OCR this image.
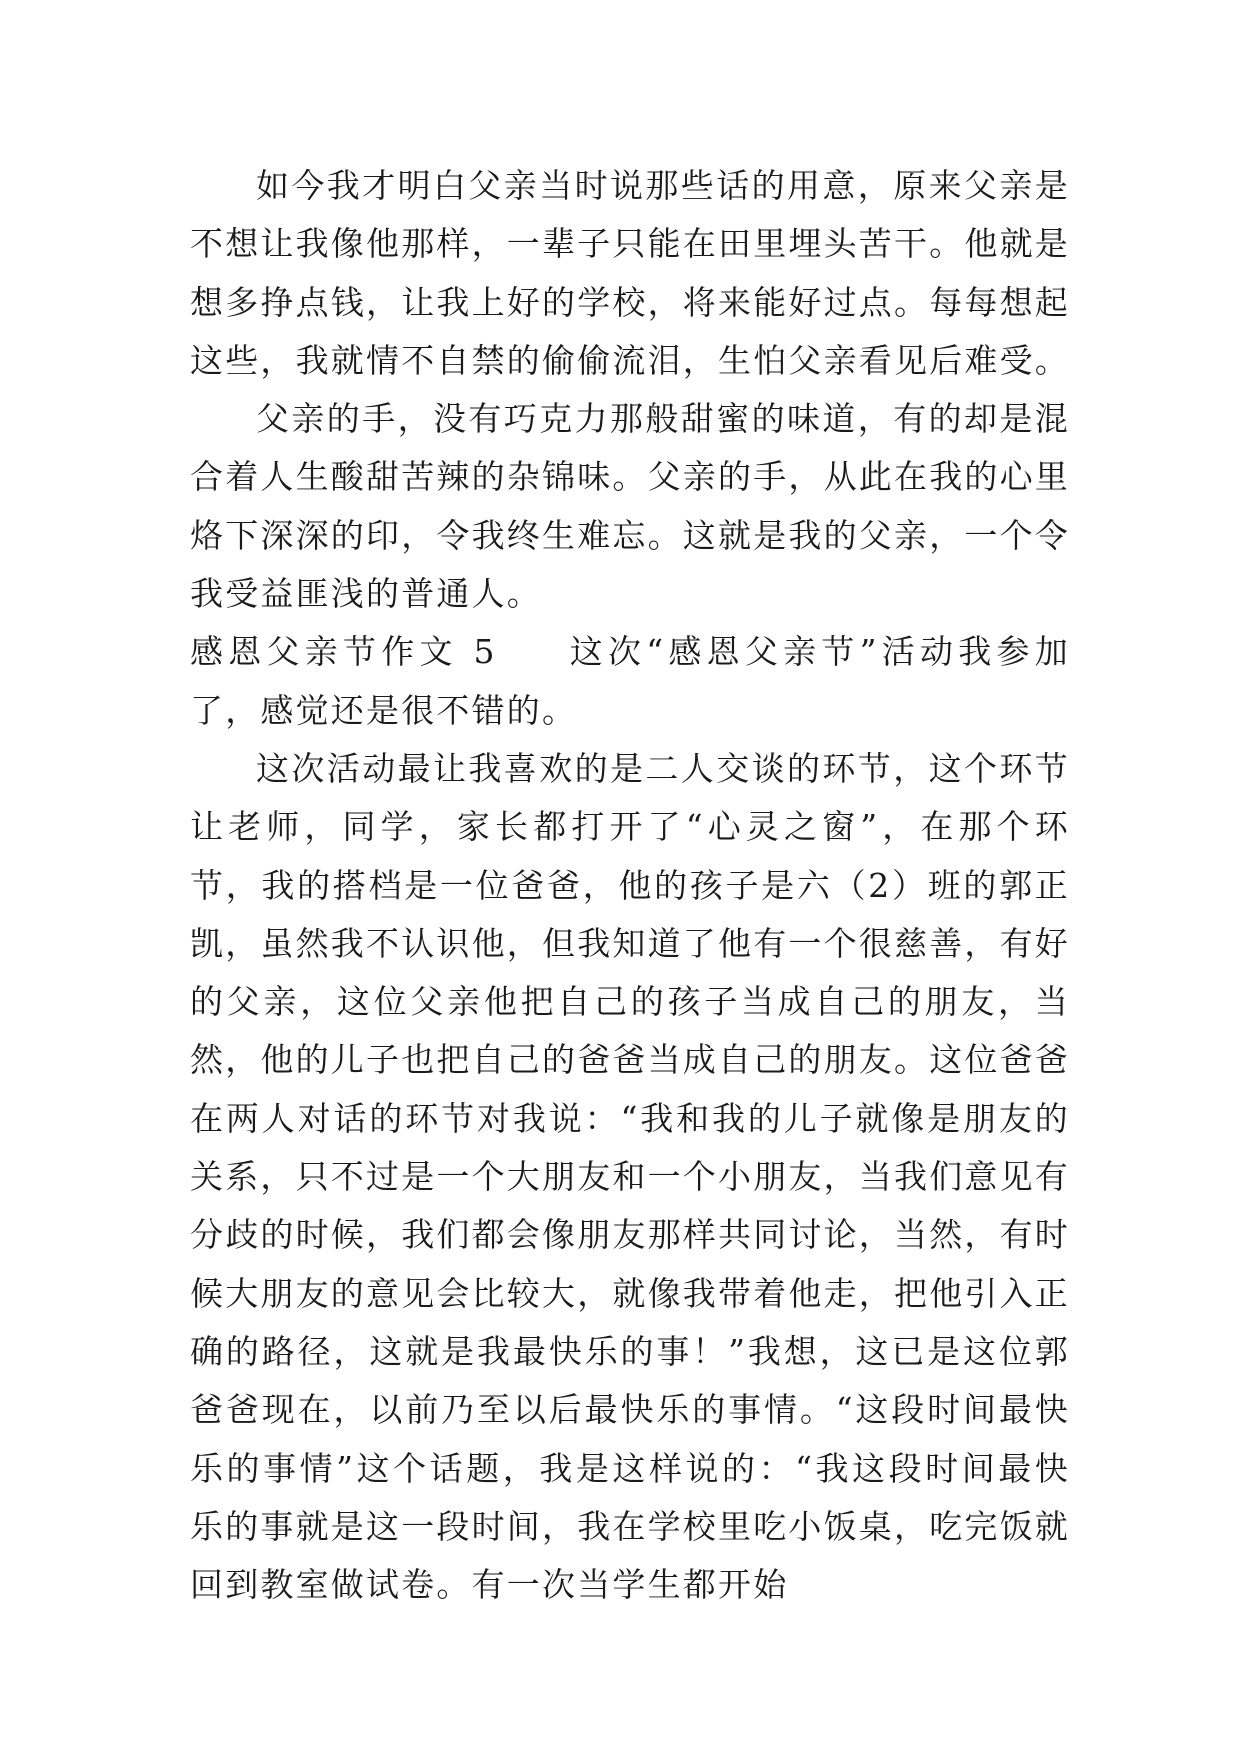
如今我才明白父亲当时说那些话的用意，原来父亲是不想让我像他那样，一辈子只能在田里埋头苦干。他就是想多挣点钱，让我上好的学校，将来能好过点。每每想起这些，我就情不自禁的偷偷流泪，生怕父亲看见后难受。

父亲的手，没有巧克力那般甜蜜的味道，有的却是混合着人生酸甜苦辣的杂锦味。父亲的手，从此在我的心里烙下深深的印，令我终生难忘。这就是我的父亲，一个令我受益匪浅的普通人。

感恩父亲节作文 5 这次“感恩父亲节”活动我参加了，感觉还是很不错的。

这次活动最让我喜欢的是二人交谈的环节，这个环节让老师，同学，家长都打开了“心灵之窗”，在那个环节，我的搭档是一位爸爸，他的孩子是六（2）班的郭正凯，虽然我不认识他，但我知道了他有一个很慈善，有好的父亲，这位父亲他把自己的孩子当成自己的朋友，当然，他的儿子也把自己的爸爸当成自己的朋友。这位爸爸在两人对话的环节对我说：“我和我的儿子就像是朋友的关系，只不过是一个大朋友和一个小朋友，当我们意见有分歧的时候，我们都会像朋友那样共同讨论，当然，有时候大朋友的意见会比较大，就像我带着他走，把他引入正确的路径，这就是我最快乐的事！”我想，这已是这位郭爸爸现在，以前乃至以后最快乐的事情。“这段时间最快乐的事情”这个话题，我是这样说的：“我这段时间最快乐的事就是这一段时间，我在学校里吃小饭桌，吃完饭就回到教室做试卷。有一次当学生都开始
